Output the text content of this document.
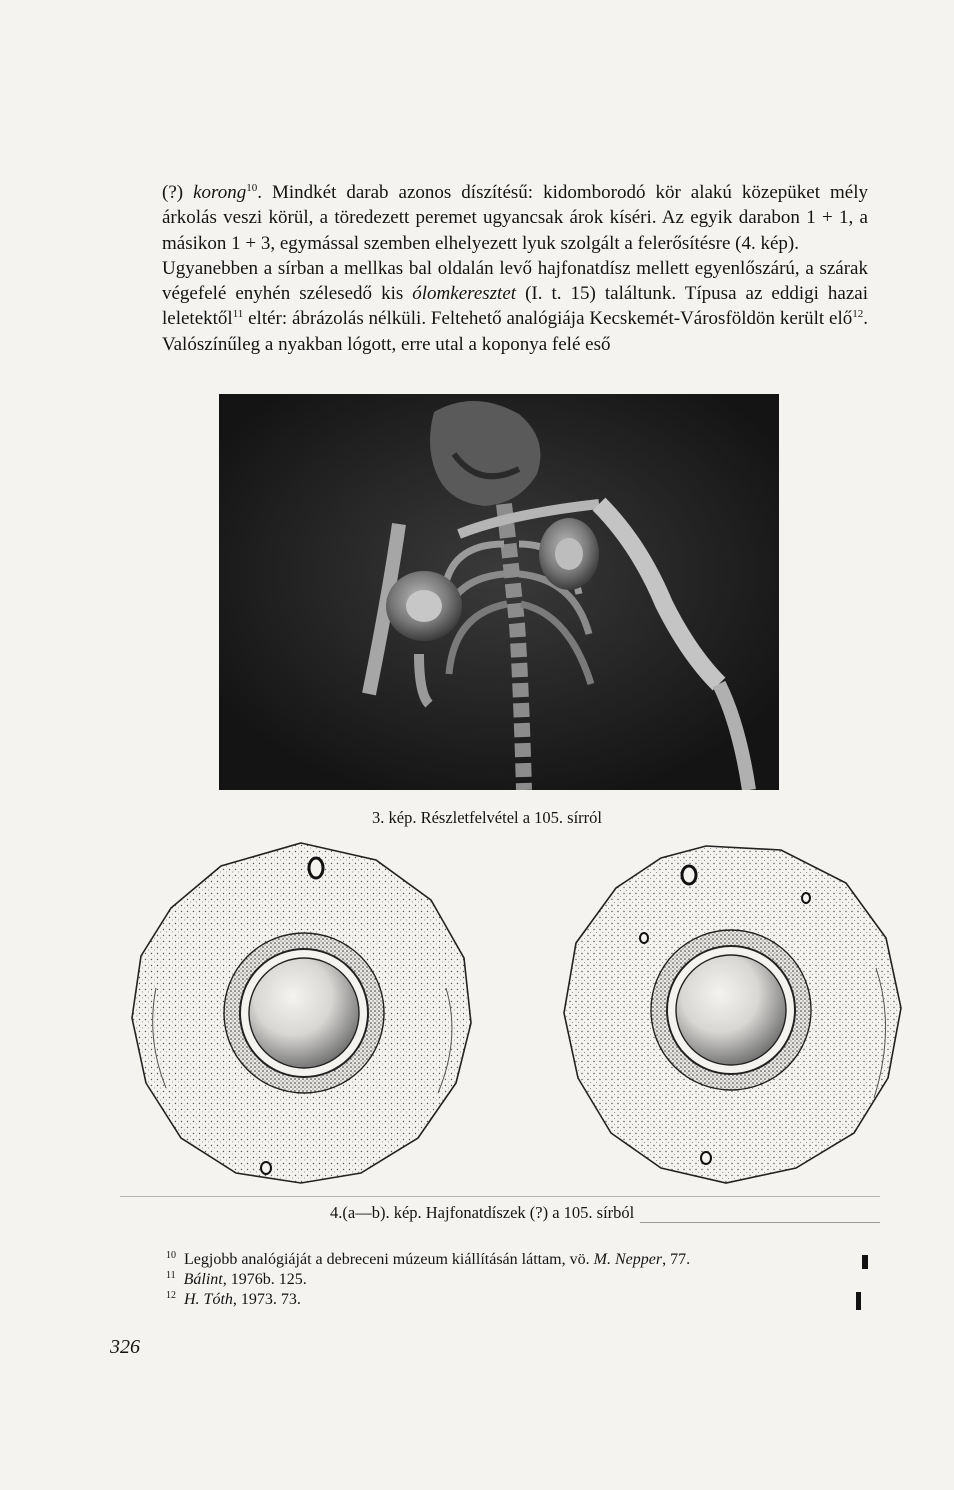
(?) korong$^{10}$. Mindkét darab azonos díszítésű: kidomborodó kör alakú közepüket mély árkolás veszi körül, a töredezett peremet ugyancsak árok kíséri. Az egyik darabon 1 + 1, a másikon 1 + 3, egymással szemben elhelyezett lyuk szolgált a felerősítésre (4. kép).

Ugyanebben a sírban a mellkas bal oldalán levő hajfonatdísz mellett egyenlőszárú, a szárak végefelé enyhén szélesedő kis ólomkeresztet (I. t. 15) találtunk. Típusa az eddigi hazai leletektől$^{11}$ eltér: ábrázolás nélküli. Feltehető analógiája Kecskemét-Városföldön került elő$^{12}$. Valószínűleg a nyakban lógott, erre utal a koponya felé eső

3. kép. Részletfelvétel a 105. sírról
4.(a—b). kép. Hajfonatdíszek (?) a 105. sírból
$^{10}$ Legjobb analógiáját a debreceni múzeum kiállításán láttam, vö. M. Nepper, 77.
$^{11}$ Bálint, 1976b. 125.
$^{12}$ H. Tóth, 1973. 73.
326
